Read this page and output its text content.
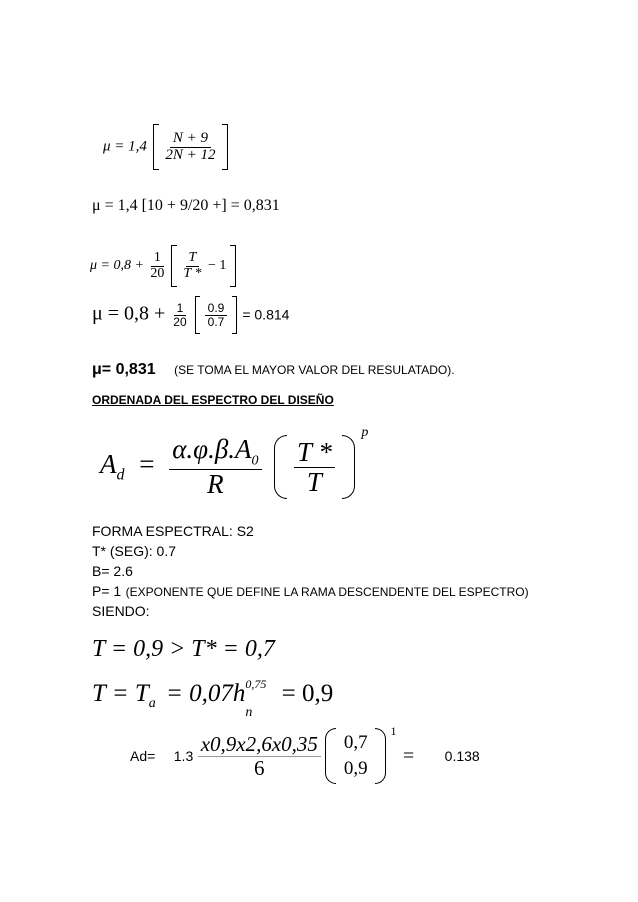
$\mu = 1,4 \frac{N + 9}{2N + 12}$

μ = 1,4 [10 + 9/20 +] = 0,831
$\mu = 0,8 + \frac{1}{20}$
$\frac{T}{T *} - 1$
$\mu = 0,8 + \frac{1}{20}$
$\frac{0.9}{0.7} = 0.814$
μ= 0,831 (SE TOMA EL MAYOR VALOR DEL RESULATADO).
ORDENADA DEL ESPECTRO DEL DISEÑO
$A_d = \frac{\alpha.\varphi.\beta.A_0}{R}$
$\frac{T *}{T}$
$^p$
FORMA ESPECTRAL: S2
T* (SEG): 0.7
B= 2.6
P= 1 (EXPONENTE QUE DEFINE LA RAMA DESCENDENTE DEL ESPECTRO)
SIENDO:
T = 0,9 > T* = 0,7
$T = T_a = 0,07h$ 0,75
n
= 0,9
$Ad= 1.3 \frac{x0,9x2,6x0,35}{6}$
0,7
0,9
$^1$ = 0.138
